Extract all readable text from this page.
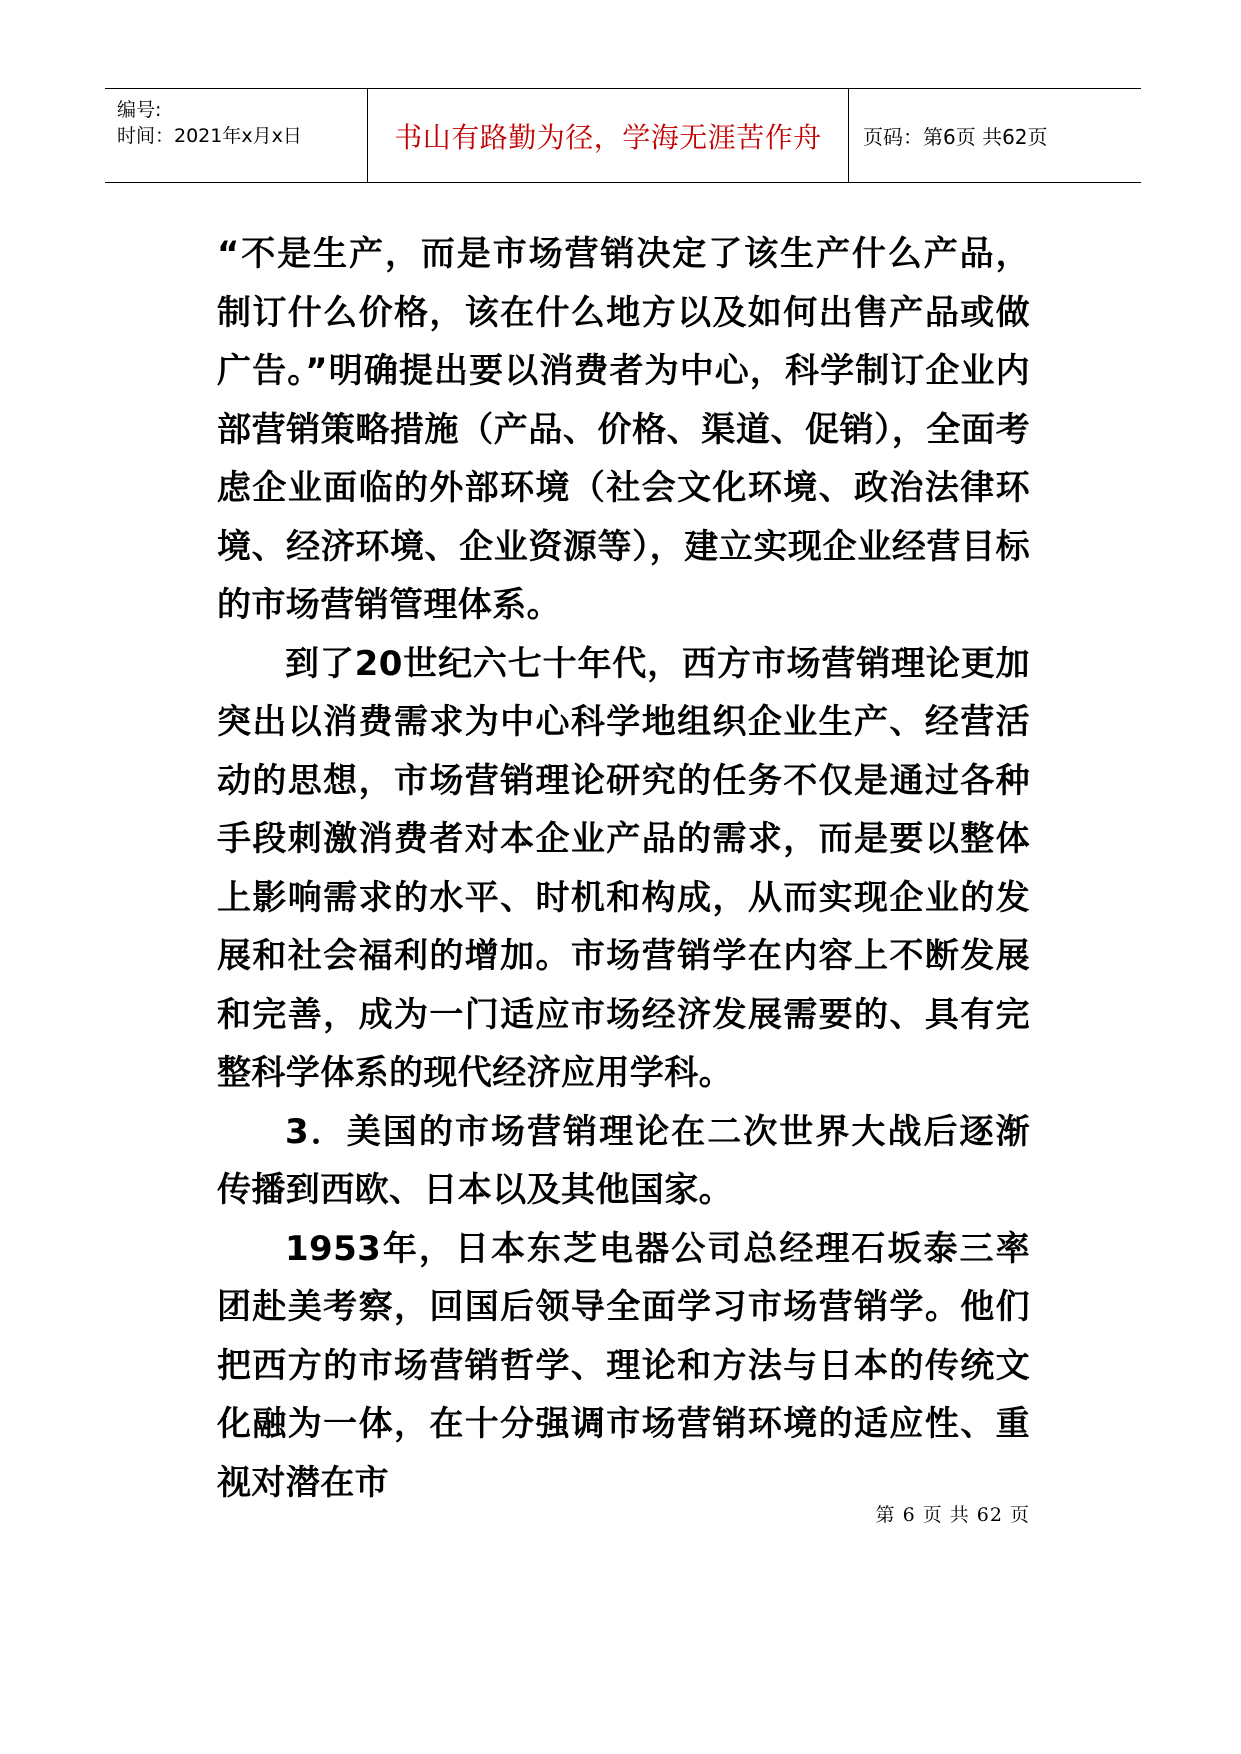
编号:
时间：2021年x月x日	书山有路勤为径，学海无涯苦作舟 页码：第6页 共62页

“不是生产，而是市场营销决定了该生产什么产品，制订什么价格，该在什么地方以及如何出售产品或做广告。”明确提出要以消费者为中心，科学制订企业内部营销策略措施（产品、价格、渠道、促销），全面考虑企业面临的外部环境（社会文化环境、政治法律环境、经济环境、企业资源等），建立实现企业经营目标的市场营销管理体系。

到了20世纪六七十年代，西方市场营销理论更加突出以消费需求为中心科学地组织企业生产、经营活动的思想，市场营销理论研究的任务不仅是通过各种手段刺激消费者对本企业产品的需求，而是要以整体上影响需求的水平、时机和构成，从而实现企业的发展和社会福利的增加。市场营销学在内容上不断发展和完善，成为一门适应市场经济发展需要的、具有完整科学体系的现代经济应用学科。

3．美国的市场营销理论在二次世界大战后逐渐传播到西欧、日本以及其他国家。

1953年，日本东芝电器公司总经理石坂泰三率团赴美考察，回国后领导全面学习市场营销学。他们把西方的市场营销哲学、理论和方法与日本的传统文化融为一体，在十分强调市场营销环境的适应性、重视对潜在市

第 6 页 共 62 页
